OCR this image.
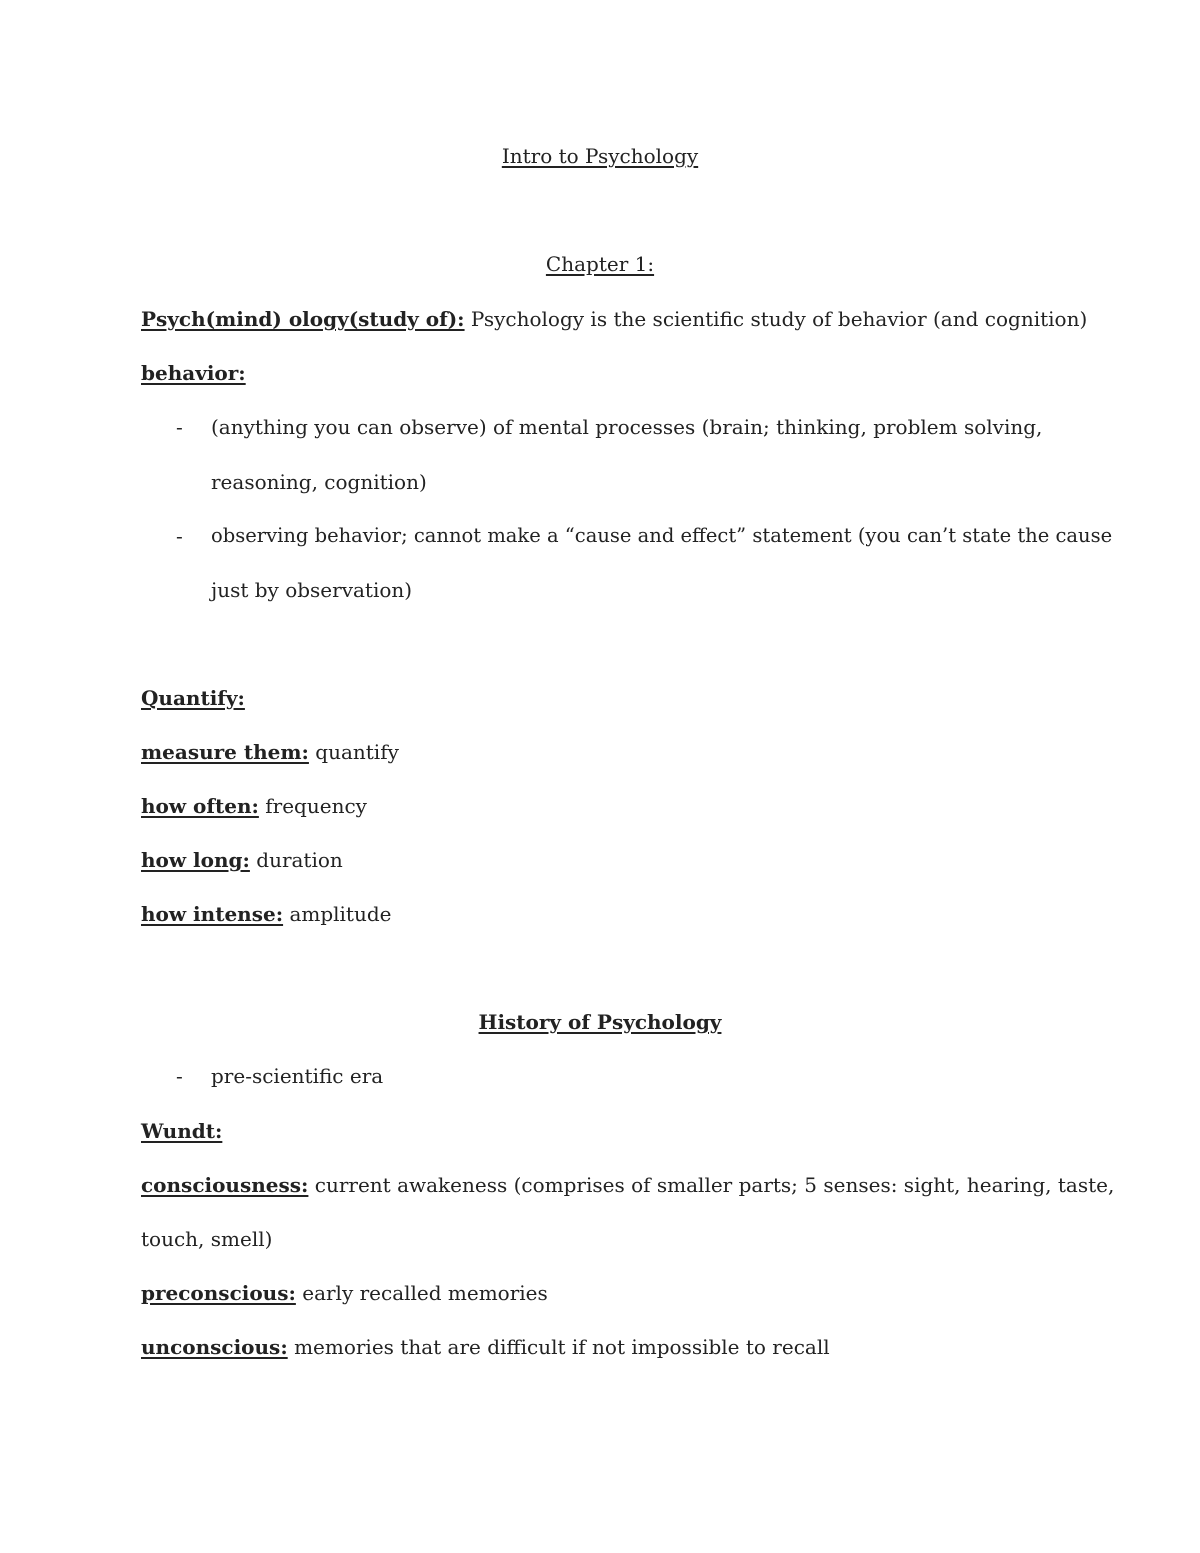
Intro to Psychology
Chapter 1:
Psych(mind) ology(study of): Psychology is the scientific study of behavior (and cognition)
behavior:
- (anything you can observe) of mental processes (brain; thinking, problem solving,
reasoning, cognition)
- observing behavior; cannot make a “cause and effect” statement (you can’t state the cause
just by observation)
Quantify:
measure them: quantify
how often: frequency
how long: duration
how intense: amplitude
History of Psychology
- pre-scientific era
Wundt:
consciousness: current awakeness (comprises of smaller parts; 5 senses: sight, hearing, taste,
touch, smell)
preconscious: early recalled memories
unconscious: memories that are difficult if not impossible to recall
